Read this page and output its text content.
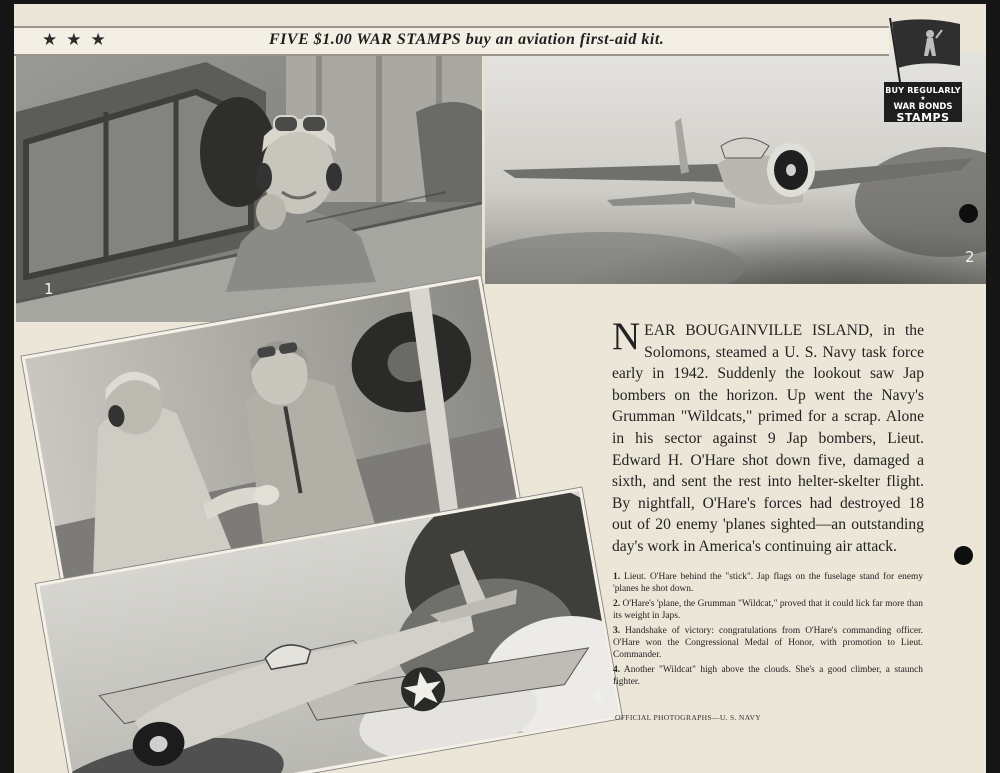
1
2
4
★★★	FIVE $1.00 WAR STAMPS buy an aviation first-aid kit.
BUY REGULARLY
★
WAR BONDS
STAMPS
NEAR BOUGAINVILLE ISLAND, in the Solomons, steamed a U. S. Navy task force early in 1942. Suddenly the lookout saw Jap bombers on the horizon. Up went the Navy's Grumman "Wildcats," primed for a scrap. Alone in his sector against 9 Jap bombers, Lieut. Edward H. O'Hare shot down five, damaged a sixth, and sent the rest into helter-skelter flight. By nightfall, O'Hare's forces had destroyed 18 out of 20 enemy 'planes sighted—an outstanding day's work in America's continuing air attack.

1. Lieut. O'Hare behind the "stick". Jap flags on the fuselage stand for enemy 'planes he shot down.

2. O'Hare's 'plane, the Grumman "Wildcat," proved that it could lick far more than its weight in Japs.

3. Handshake of victory: congratulations from O'Hare's commanding officer. O'Hare won the Congressional Medal of Honor, with promotion to Lieut. Commander.

4. Another "Wildcat" high above the clouds. She's a good climber, a staunch fighter.

OFFICIAL PHOTOGRAPHS—U. S. NAVY
